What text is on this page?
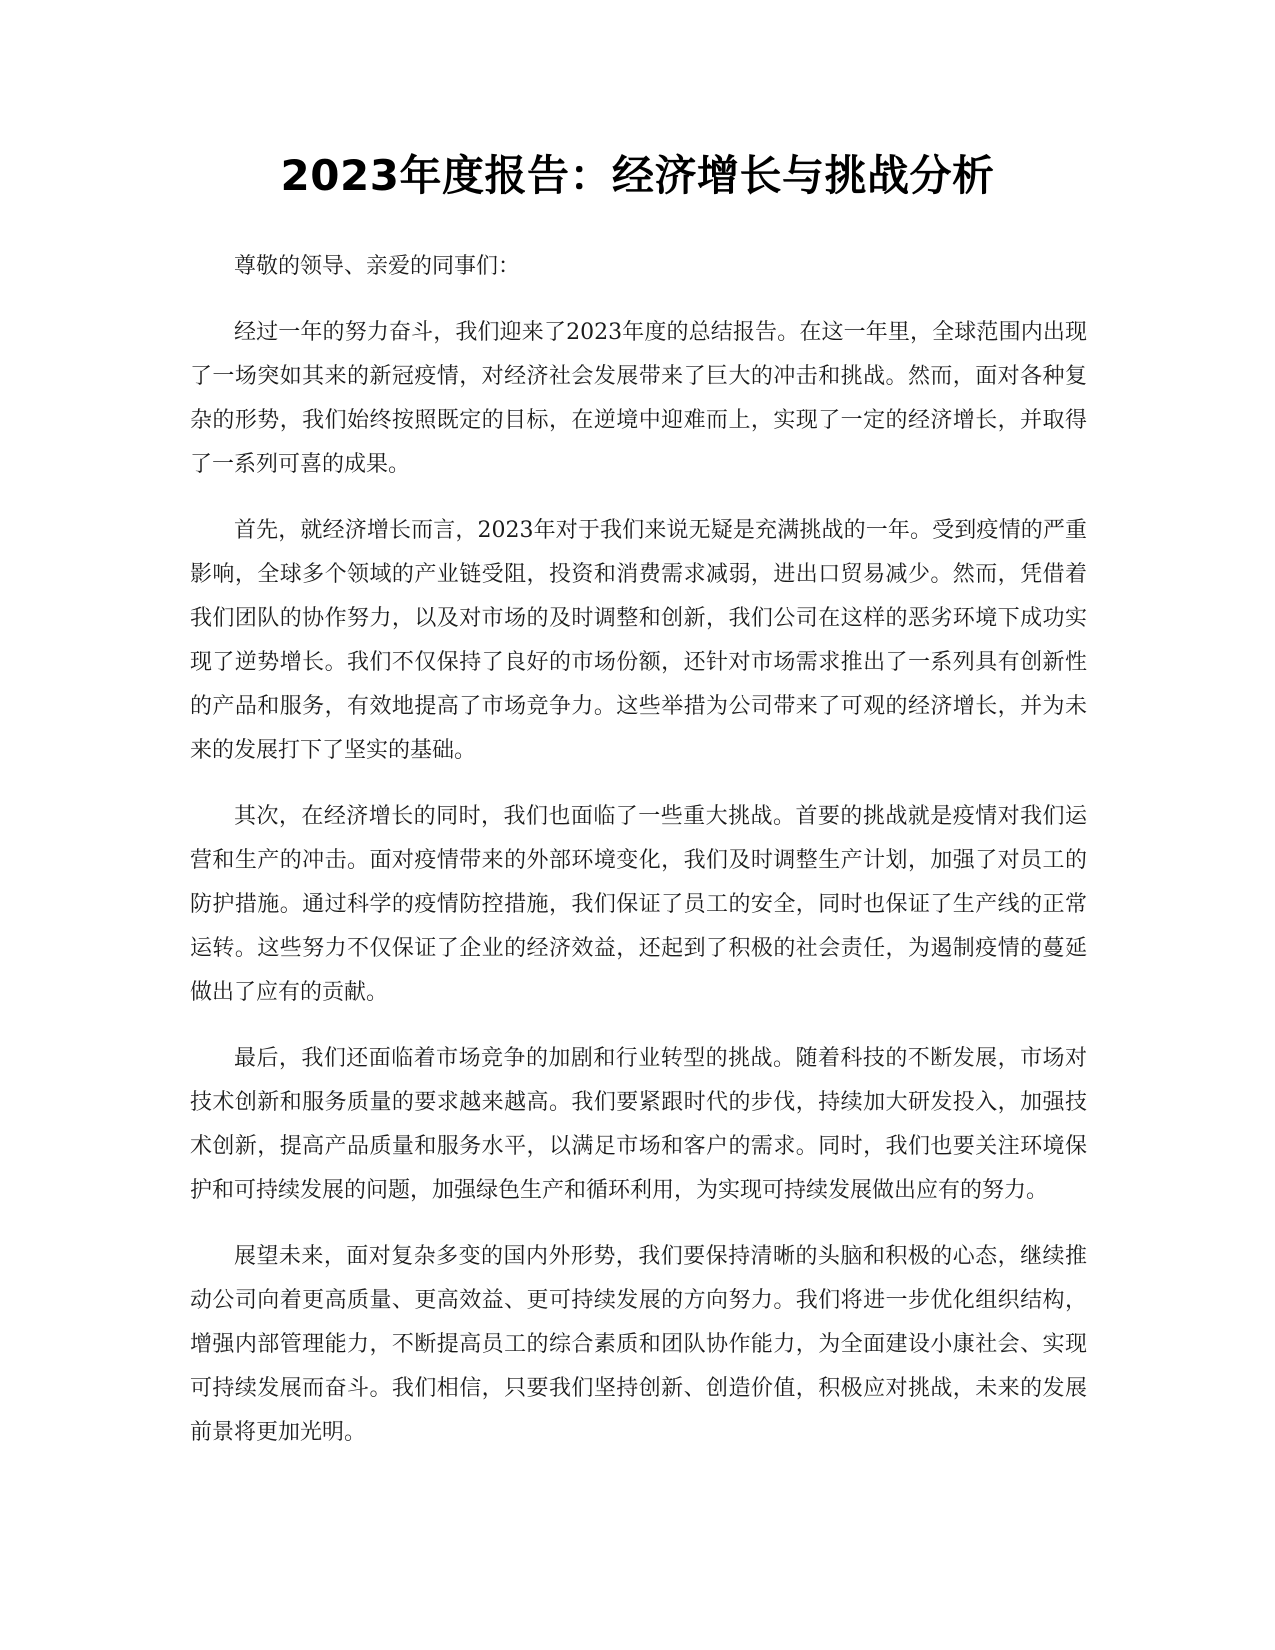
2023年度报告：经济增长与挑战分析

尊敬的领导、亲爱的同事们：

经过一年的努力奋斗，我们迎来了2023年度的总结报告。在这一年里，全球范围内出现了一场突如其来的新冠疫情，对经济社会发展带来了巨大的冲击和挑战。然而，面对各种复杂的形势，我们始终按照既定的目标，在逆境中迎难而上，实现了一定的经济增长，并取得了一系列可喜的成果。

首先，就经济增长而言，2023年对于我们来说无疑是充满挑战的一年。受到疫情的严重影响，全球多个领域的产业链受阻，投资和消费需求减弱，进出口贸易减少。然而，凭借着我们团队的协作努力，以及对市场的及时调整和创新，我们公司在这样的恶劣环境下成功实现了逆势增长。我们不仅保持了良好的市场份额，还针对市场需求推出了一系列具有创新性的产品和服务，有效地提高了市场竞争力。这些举措为公司带来了可观的经济增长，并为未来的发展打下了坚实的基础。

其次，在经济增长的同时，我们也面临了一些重大挑战。首要的挑战就是疫情对我们运营和生产的冲击。面对疫情带来的外部环境变化，我们及时调整生产计划，加强了对员工的防护措施。通过科学的疫情防控措施，我们保证了员工的安全，同时也保证了生产线的正常运转。这些努力不仅保证了企业的经济效益，还起到了积极的社会责任，为遏制疫情的蔓延做出了应有的贡献。

最后，我们还面临着市场竞争的加剧和行业转型的挑战。随着科技的不断发展，市场对技术创新和服务质量的要求越来越高。我们要紧跟时代的步伐，持续加大研发投入，加强技术创新，提高产品质量和服务水平，以满足市场和客户的需求。同时，我们也要关注环境保护和可持续发展的问题，加强绿色生产和循环利用，为实现可持续发展做出应有的努力。

展望未来，面对复杂多变的国内外形势，我们要保持清晰的头脑和积极的心态，继续推动公司向着更高质量、更高效益、更可持续发展的方向努力。我们将进一步优化组织结构，增强内部管理能力，不断提高员工的综合素质和团队协作能力，为全面建设小康社会、实现可持续发展而奋斗。我们相信，只要我们坚持创新、创造价值，积极应对挑战，未来的发展前景将更加光明。
